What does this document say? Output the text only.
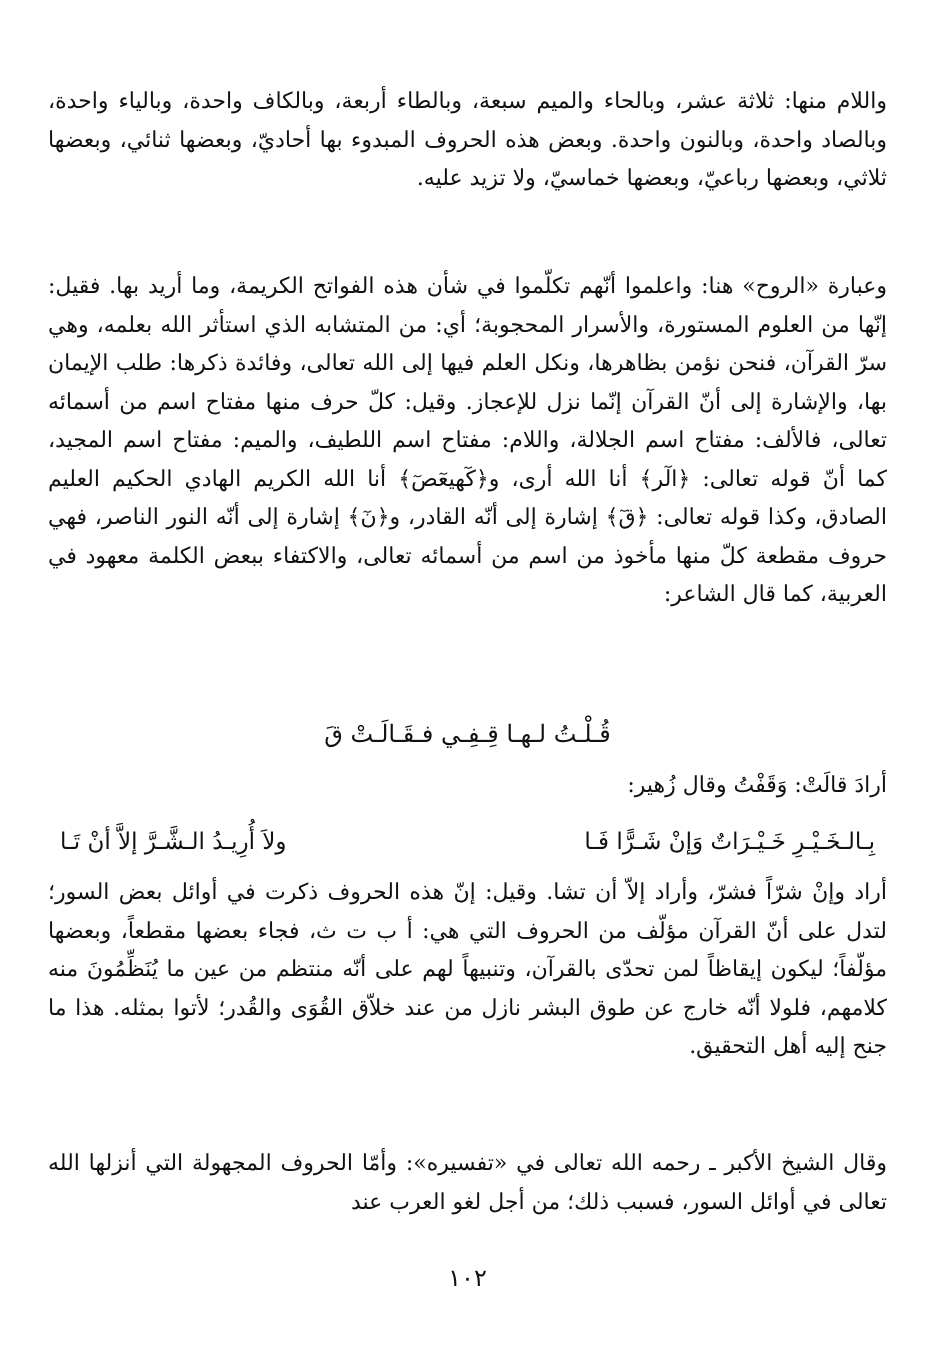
واللام منها: ثلاثة عشر، وبالحاء والميم سبعة، وبالطاء أربعة، وبالكاف واحدة، وبالياء واحدة، وبالصاد واحدة، وبالنون واحدة. وبعض هذه الحروف المبدوء بها أحاديّ، وبعضها ثنائي، وبعضها ثلاثي، وبعضها رباعيّ، وبعضها خماسيّ، ولا تزيد عليه.

وعبارة «الروح» هنا: واعلموا أنّهم تكلّموا في شأن هذه الفواتح الكريمة، وما أريد بها. فقيل: إنّها من العلوم المستورة، والأسرار المحجوبة؛ أي: من المتشابه الذي استأثر الله بعلمه، وهي سرّ القرآن، فنحن نؤمن بظاهرها، ونكل العلم فيها إلى الله تعالى، وفائدة ذكرها: طلب الإيمان بها، والإشارة إلى أنّ القرآن إنّما نزل للإعجاز. وقيل: كلّ حرف منها مفتاح اسم من أسمائه تعالى، فالألف: مفتاح اسم الجلالة، واللام: مفتاح اسم اللطيف، والميم: مفتاح اسم المجيد، كما أنّ قوله تعالى: ﴿الٓر﴾ أنا الله أرى، و﴿كٓهيعٓصٓ﴾ أنا الله الكريم الهادي الحكيم العليم الصادق، وكذا قوله تعالى: ﴿قٓ﴾ إشارة إلى أنّه القادر، و﴿نٓ﴾ إشارة إلى أنّه النور الناصر، فهي حروف مقطعة كلّ منها مأخوذ من اسم من أسمائه تعالى، والاكتفاء ببعض الكلمة معهود في العربية، كما قال الشاعر:

قُـلْـتُ لـهـا قِـفِـي فـقَـالَـتْ قَ

أرادَ قالَتْ: وَقَفْتُ وقال زُهير:

بِـالـخَـيْـرِ خَـيْـرَاتٌ وَإنْ شَـرًّا فَـا
ولاَ أُرِيـدُ الـشَّـرَّ إلاَّ أنْ تَـا

أراد وإنْ شرّاً فشرّ، وأراد إلاّ أن تشا. وقيل: إنّ هذه الحروف ذكرت في أوائل بعض السور؛ لتدل على أنّ القرآن مؤلّف من الحروف التي هي: أ ب ت ث، فجاء بعضها مقطعاً، وبعضها مؤلّفاً؛ ليكون إيقاظاً لمن تحدّى بالقرآن، وتنبيهاً لهم على أنّه منتظم من عين ما يُنَظِّمُونَ منه كلامهم، فلولا أنّه خارج عن طوق البشر نازل من عند خلاّق القُوَى والقُدر؛ لأتوا بمثله. هذا ما جنح إليه أهل التحقيق.

وقال الشيخ الأكبر ـ رحمه الله تعالى في «تفسيره»: وأمّا الحروف المجهولة التي أنزلها الله تعالى في أوائل السور، فسبب ذلك؛ من أجل لغو العرب عند

١٠٢
